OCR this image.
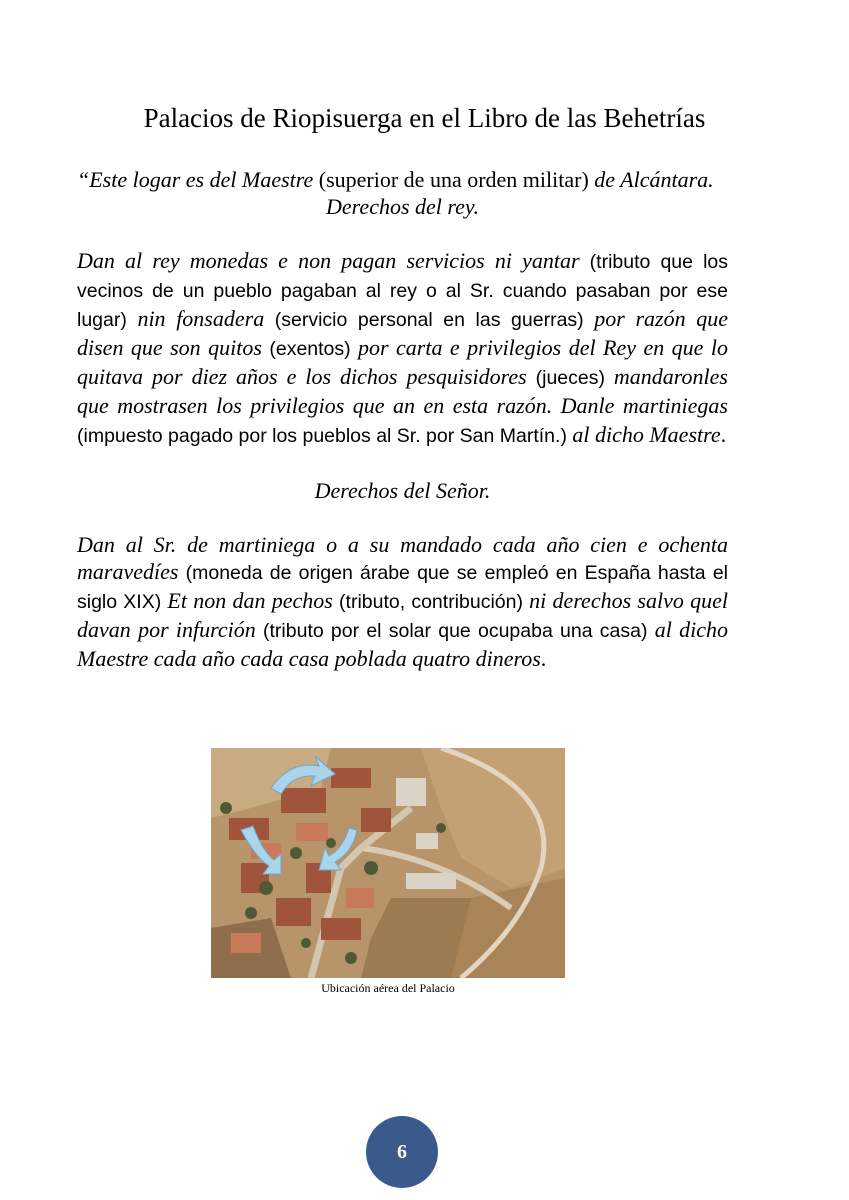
Palacios de Riopisuerga en el Libro de las Behetrías

“Este logar es del Maestre (superior de una orden militar) de Alcántara.

Derechos del rey.

Dan al rey monedas e non pagan servicios ni yantar (tributo que los vecinos de un pueblo pagaban al rey o al Sr. cuando pasaban por ese lugar) nin fonsadera (servicio personal en las guerras) por razón que disen que son quitos (exentos) por carta e privilegios del Rey en que lo quitava por diez años e los dichos pesquisidores (jueces) mandaronles que mostrasen los privilegios que an en esta razón. Danle martiniegas (impuesto pagado por los pueblos al Sr. por San Martín.) al dicho Maestre.

Derechos del Señor.

Dan al Sr. de martiniega o a su mandado cada año cien e ochenta maravedíes (moneda de origen árabe que se empleó en España hasta el siglo XIX) Et non dan pechos (tributo, contribución) ni derechos salvo quel davan por infurción (tributo por el solar que ocupaba una casa) al dicho Maestre cada año cada casa poblada quatro dineros.

Ubicación aérea del Palacio
6
